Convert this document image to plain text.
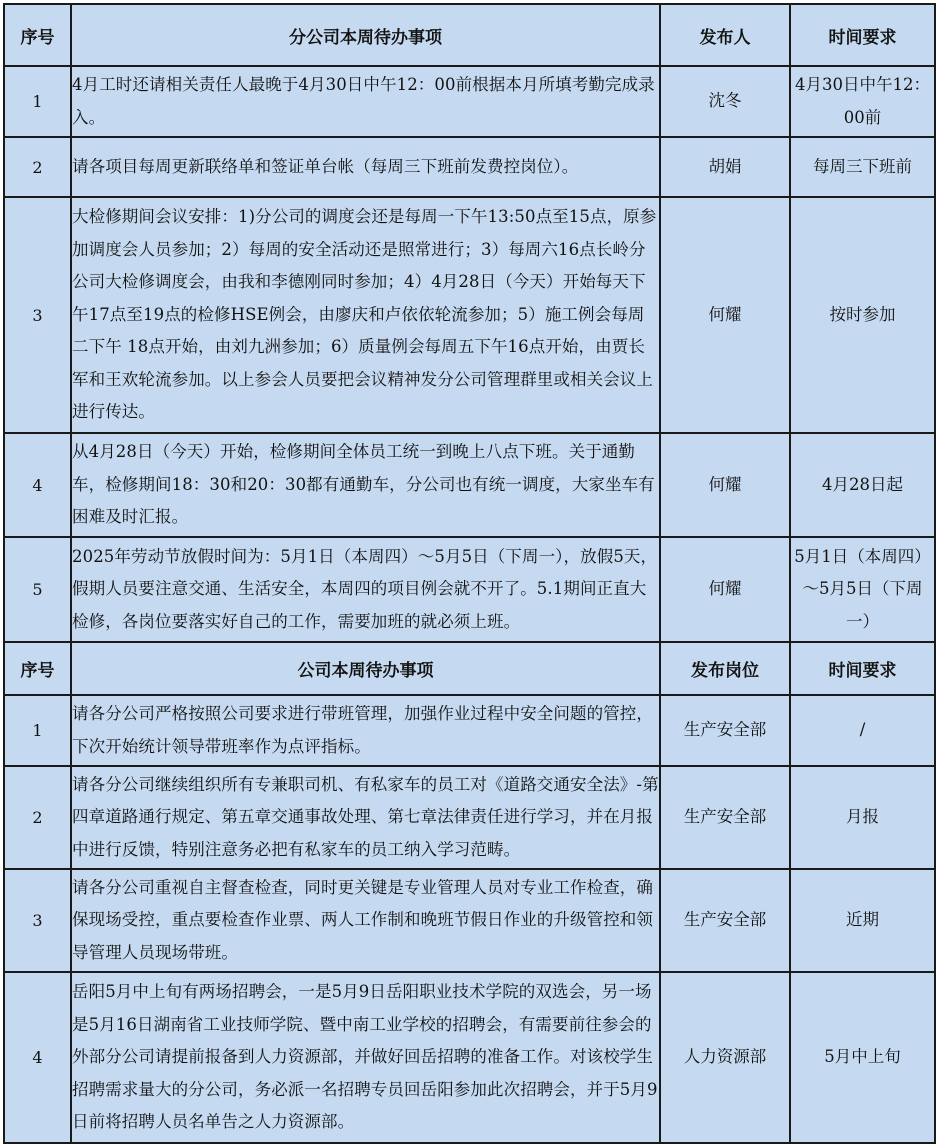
序号	分公司本周待办事项	发布人	时间要求
1	4月工时还请相关责任人最晚于4月30日中午12：00前根据本月所填考勤完成录入。	沈冬	4月30日中午12：00前
2	请各项目每周更新联络单和签证单台帐（每周三下班前发费控岗位）。	胡娟	每周三下班前
3	大检修期间会议安排：1)分公司的调度会还是每周一下午13:50点至15点，原参加调度会人员参加；2）每周的安全活动还是照常进行；3）每周六16点长岭分公司大检修调度会，由我和李德刚同时参加；4）4月28日（今天）开始每天下午17点至19点的检修HSE例会，由廖庆和卢依依轮流参加；5）施工例会每周二下午 18点开始，由刘九洲参加；6）质量例会每周五下午16点开始，由贾长军和王欢轮流参加。以上参会人员要把会议精神发分公司管理群里或相关会议上进行传达。	何耀	按时参加
4	从4月28日（今天）开始，检修期间全体员工统一到晚上八点下班。关于通勤车，检修期间18：30和20：30都有通勤车，分公司也有统一调度，大家坐车有困难及时汇报。	何耀	4月28日起
5	2025年劳动节放假时间为：5月1日（本周四）～5月5日（下周一），放假5天，假期人员要注意交通、生活安全，本周四的项目例会就不开了。5.1期间正直大检修，各岗位要落实好自己的工作，需要加班的就必须上班。	何耀	5月1日（本周四）～5月5日（下周一）
序号	公司本周待办事项	发布岗位	时间要求
1	请各分公司严格按照公司要求进行带班管理，加强作业过程中安全问题的管控，下次开始统计领导带班率作为点评指标。	生产安全部	/
2	请各分公司继续组织所有专兼职司机、有私家车的员工对《道路交通安全法》-第四章道路通行规定、第五章交通事故处理、第七章法律责任进行学习，并在月报中进行反馈，特别注意务必把有私家车的员工纳入学习范畴。	生产安全部	月报
3	请各分公司重视自主督查检查，同时更关键是专业管理人员对专业工作检查，确保现场受控，重点要检查作业票、两人工作制和晚班节假日作业的升级管控和领导管理人员现场带班。	生产安全部	近期
4	岳阳5月中上旬有两场招聘会，一是5月9日岳阳职业技术学院的双选会，另一场是5月16日湖南省工业技师学院、暨中南工业学校的招聘会，有需要前往参会的外部分公司请提前报备到人力资源部，并做好回岳招聘的准备工作。对该校学生招聘需求量大的分公司，务必派一名招聘专员回岳阳参加此次招聘会，并于5月9日前将招聘人员名单告之人力资源部。	人力资源部	5月中上旬
